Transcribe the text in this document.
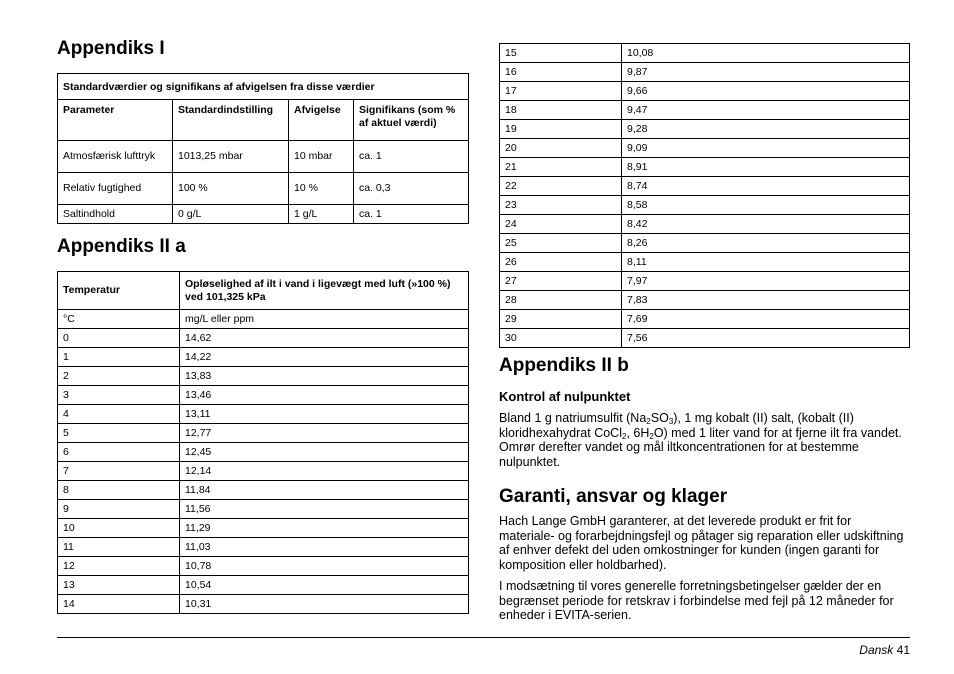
Appendiks I
Standardværdier og signifikans af afvigelsen fra disse værdier			
Parameter	Standardindstilling	Afvigelse	Signifikans (som % af aktuel værdi)
Atmosfærisk lufttryk	1013,25 mbar	10 mbar	ca. 1
Relativ fugtighed	100 %	10 %	ca. 0,3
Saltindhold	0 g/L	1 g/L	ca. 1
Appendiks II a
Temperatur	Opløselighed af ilt i vand i ligevægt med luft (»100 %) ved 101,325 kPa
°C	mg/L eller ppm
0	14,62
1	14,22
2	13,83
3	13,46
4	13,11
5	12,77
6	12,45
7	12,14
8	11,84
9	11,56
10	11,29
11	11,03
12	10,78
13	10,54
14	10,31
15	10,08
16	9,87
17	9,66
18	9,47
19	9,28
20	9,09
21	8,91
22	8,74
23	8,58
24	8,42
25	8,26
26	8,11
27	7,97
28	7,83
29	7,69
30	7,56
Appendiks II b
Kontrol af nulpunktet

Bland 1 g natriumsulfit $(Na_2SO_3)$, 1 mg kobalt (II) salt, (kobalt (II) kloridhexahydrat CoCl$_2$, $6H_2O$) med 1 liter vand for at fjerne ilt fra vandet. Omrør derefter vandet og mål iltkoncentrationen for at bestemme nulpunktet.

Garanti, ansvar og klager

Hach Lange GmbH garanterer, at det leverede produkt er frit for materiale- og forarbejdningsfejl og påtager sig reparation eller udskiftning af enhver defekt del uden omkostninger for kunden (ingen garanti for komposition eller holdbarhed).

I modsætning til vores generelle forretningsbetingelser gælder der en begrænset periode for retskrav i forbindelse med fejl på 12 måneder for enheder i EVITA-serien.

Dansk 41
